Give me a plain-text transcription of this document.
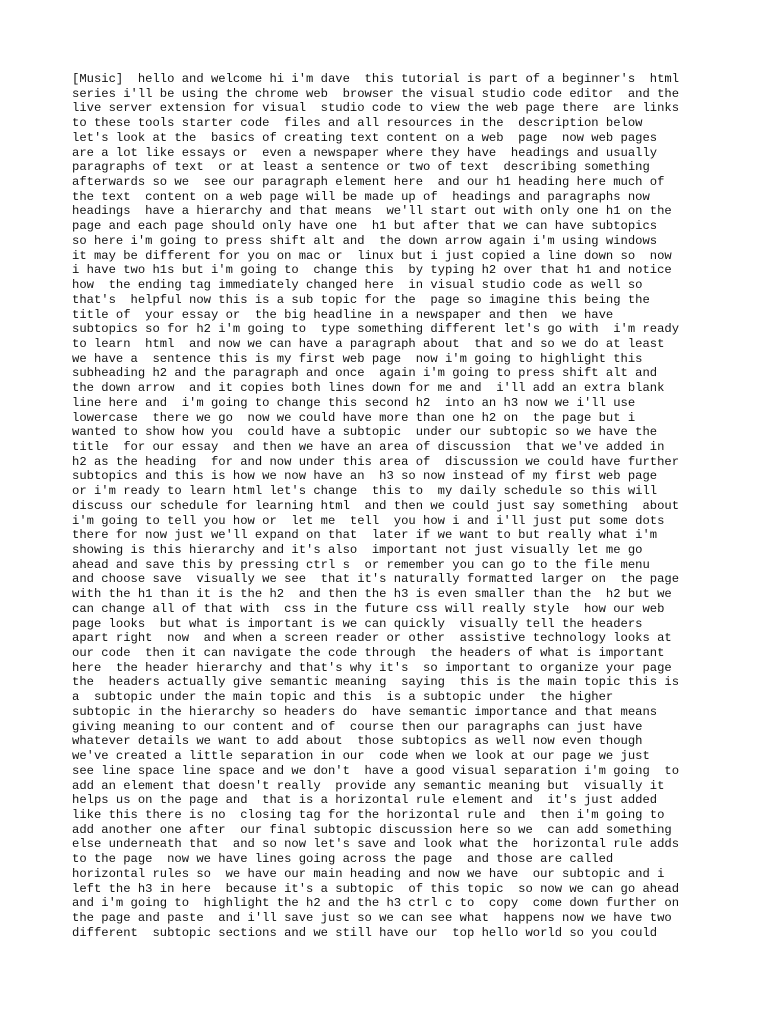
[Music]  hello and welcome hi i'm dave  this tutorial is part of a beginner's  html
series i'll be using the chrome web  browser the visual studio code editor  and the
live server extension for visual  studio code to view the web page there  are links
to these tools starter code  files and all resources in the  description below
let's look at the  basics of creating text content on a web  page  now web pages
are a lot like essays or  even a newspaper where they have  headings and usually
paragraphs of text  or at least a sentence or two of text  describing something
afterwards so we  see our paragraph element here  and our h1 heading here much of
the text  content on a web page will be made up of  headings and paragraphs now
headings  have a hierarchy and that means  we'll start out with only one h1 on the
page and each page should only have one  h1 but after that we can have subtopics
so here i'm going to press shift alt and  the down arrow again i'm using windows
it may be different for you on mac or  linux but i just copied a line down so  now
i have two h1s but i'm going to  change this  by typing h2 over that h1 and notice
how  the ending tag immediately changed here  in visual studio code as well so
that's  helpful now this is a sub topic for the  page so imagine this being the
title of  your essay or  the big headline in a newspaper and then  we have
subtopics so for h2 i'm going to  type something different let's go with  i'm ready
to learn  html  and now we can have a paragraph about  that and so we do at least
we have a  sentence this is my first web page  now i'm going to highlight this
subheading h2 and the paragraph and once  again i'm going to press shift alt and
the down arrow  and it copies both lines down for me and  i'll add an extra blank
line here and  i'm going to change this second h2  into an h3 now we i'll use
lowercase  there we go  now we could have more than one h2 on  the page but i
wanted to show how you  could have a subtopic  under our subtopic so we have the
title  for our essay  and then we have an area of discussion  that we've added in
h2 as the heading  for and now under this area of  discussion we could have further
subtopics and this is how we now have an  h3 so now instead of my first web page
or i'm ready to learn html let's change  this to  my daily schedule so this will
discuss our schedule for learning html  and then we could just say something  about
i'm going to tell you how or  let me  tell  you how i and i'll just put some dots
there for now just we'll expand on that  later if we want to but really what i'm
showing is this hierarchy and it's also  important not just visually let me go
ahead and save this by pressing ctrl s  or remember you can go to the file menu
and choose save  visually we see  that it's naturally formatted larger on  the page
with the h1 than it is the h2  and then the h3 is even smaller than the  h2 but we
can change all of that with  css in the future css will really style  how our web
page looks  but what is important is we can quickly  visually tell the headers
apart right  now  and when a screen reader or other  assistive technology looks at
our code  then it can navigate the code through  the headers of what is important
here  the header hierarchy and that's why it's  so important to organize your page
the  headers actually give semantic meaning  saying  this is the main topic this is
a  subtopic under the main topic and this  is a subtopic under  the higher
subtopic in the hierarchy so headers do  have semantic importance and that means
giving meaning to our content and of  course then our paragraphs can just have
whatever details we want to add about  those subtopics as well now even though
we've created a little separation in our  code when we look at our page we just
see line space line space and we don't  have a good visual separation i'm going  to
add an element that doesn't really  provide any semantic meaning but  visually it
helps us on the page and  that is a horizontal rule element and  it's just added
like this there is no  closing tag for the horizontal rule and  then i'm going to
add another one after  our final subtopic discussion here so we  can add something
else underneath that  and so now let's save and look what the  horizontal rule adds
to the page  now we have lines going across the page  and those are called
horizontal rules so  we have our main heading and now we have  our subtopic and i
left the h3 in here  because it's a subtopic  of this topic  so now we can go ahead
and i'm going to  highlight the h2 and the h3 ctrl c to  copy  come down further on
the page and paste  and i'll save just so we can see what  happens now we have two
different  subtopic sections and we still have our  top hello world so you could
